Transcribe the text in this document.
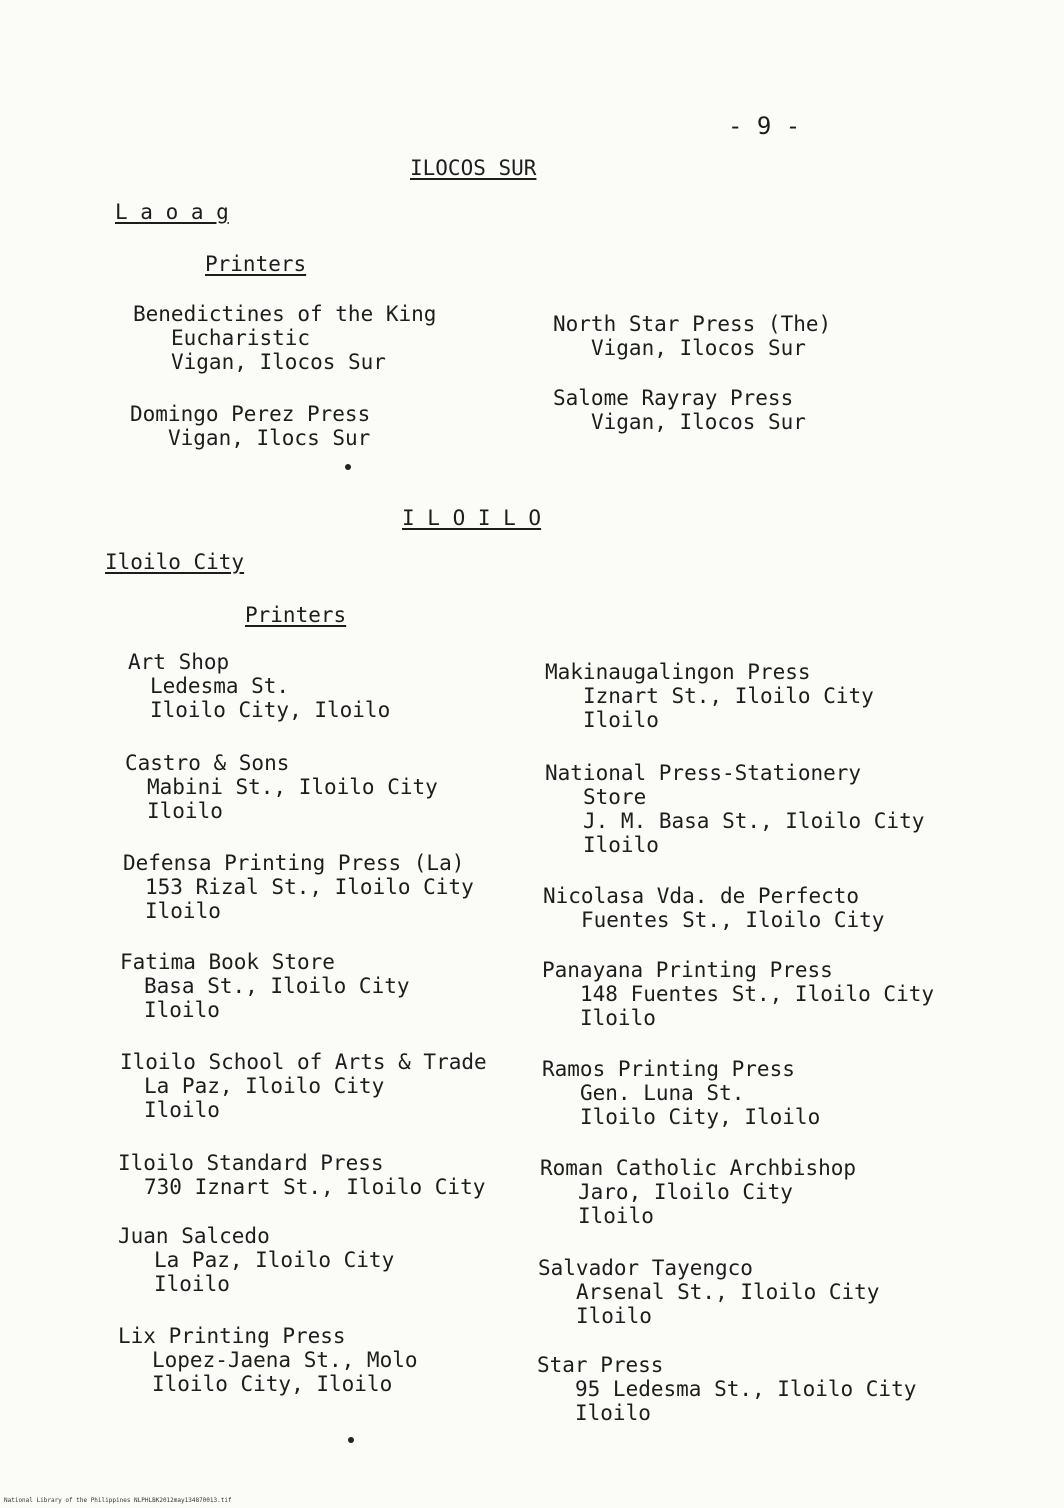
- 9 -
ILOCOS SUR
L a o a g
Printers
Benedictines of the King
Eucharistic
Vigan, Ilocos Sur
Domingo Perez Press
Vigan, Ilocs Sur
North Star Press (The)
Vigan, Ilocos Sur
Salome Rayray Press
Vigan, Ilocos Sur
I L O I L O
Iloilo City
Printers
Art Shop
Ledesma St.
Iloilo City, Iloilo
Castro & Sons
Mabini St., Iloilo City
Iloilo
Defensa Printing Press (La)
153 Rizal St., Iloilo City
Iloilo
Fatima Book Store
Basa St., Iloilo City
Iloilo
Iloilo School of Arts & Trade
La Paz, Iloilo City
Iloilo
Iloilo Standard Press
730 Iznart St., Iloilo City
Juan Salcedo
La Paz, Iloilo City
Iloilo
Lix Printing Press
Lopez-Jaena St., Molo
Iloilo City, Iloilo
Makinaugalingon Press
Iznart St., Iloilo City
Iloilo
National Press-Stationery
Store
J. M. Basa St., Iloilo City
Iloilo
Nicolasa Vda. de Perfecto
Fuentes St., Iloilo City
Panayana Printing Press
148 Fuentes St., Iloilo City
Iloilo
Ramos Printing Press
Gen. Luna St.
Iloilo City, Iloilo
Roman Catholic Archbishop
Jaro, Iloilo City
Iloilo
Salvador Tayengco
Arsenal St., Iloilo City
Iloilo
Star Press
95 Ledesma St., Iloilo City
Iloilo
National Library of the Philippines NLPHLBK2012may134870013.tif
